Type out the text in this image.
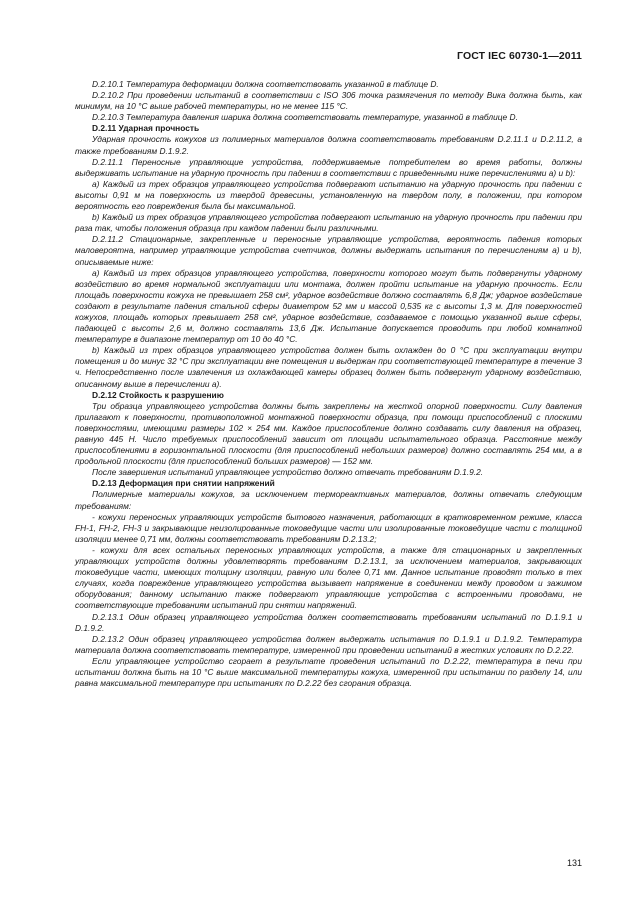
ГОСТ IEC 60730-1—2011

D.2.10.1 Температура деформации должна соответствовать указанной в таблице D.

D.2.10.2 При проведении испытаний в соответствии с ISO 306 точка размягчения по методу Вика должна быть, как минимум, на 10 °С выше рабочей температуры, но не менее 115 °С.

D.2.10.3 Температура давления шарика должна соответствовать температуре, указанной в таблице D.

D.2.11 Ударная прочность

Ударная прочность кожухов из полимерных материалов должна соответствовать требованиям D.2.11.1 и D.2.11.2, а также требованиям D.1.9.2.

D.2.11.1 Переносные управляющие устройства, поддерживаемые потребителем во время работы, должны выдерживать испытание на ударную прочность при падении в соответствии с приведенными ниже перечислениями а) и b):

а) Каждый из трех образцов управляющего устройства подвергают испытанию на ударную прочность при падении с высоты 0,91 м на поверхность из твердой древесины, установленную на твердом полу, в положении, при котором вероятность его повреждения была бы максимальной.

b) Каждый из трех образцов управляющего устройства подвергают испытанию на ударную прочность при падении при раза так, чтобы положения образца при каждом падении были различными.

D.2.11.2 Стационарные, закрепленные и переносные управляющие устройства, вероятность падения которых маловероятна, например управляющие устройства счетчиков, должны выдержать испытания по перечислениям а) и b), описываемые ниже:

а) Каждый из трех образцов управляющего устройства, поверхности которого могут быть подвергнуты ударному воздействию во время нормальной эксплуатации или монтажа, должен пройти испытание на ударную прочность. Если площадь поверхности кожуха не превышает 258 см², ударное воздействие должно составлять 6,8 Дж; ударное воздействие создают в результате падения стальной сферы диаметром 52 мм и массой 0,535 кг с высоты 1,3 м. Для поверхностей кожухов, площадь которых превышает 258 см², ударное воздействие, создаваемое с помощью указанной выше сферы, падающей с высоты 2,6 м, должно составлять 13,6 Дж. Испытание допускается проводить при любой комнатной температуре в диапазоне температур от 10 до 40 °С.

b) Каждый из трех образцов управляющего устройства должен быть охлажден до 0 °С при эксплуатации внутри помещения и до минус 32 °С при эксплуатации вне помещения и выдержан при соответствующей температуре в течение 3 ч. Непосредственно после извлечения из охлаждающей камеры образец должен быть подвергнут ударному воздействию, описанному выше в перечислении а).

D.2.12 Стойкость к разрушению

Три образца управляющего устройства должны быть закреплены на жесткой опорной поверхности. Силу давления прилагают к поверхности, противоположной монтажной поверхности образца, при помощи приспособлений с плоскими поверхностями, имеющими размеры 102 × 254 мм. Каждое приспособление должно создавать силу давления на образец, равную 445 Н. Число требуемых приспособлений зависит от площади испытательного образца. Расстояние между приспособлениями в горизонтальной плоскости (для приспособлений небольших размеров) должно составлять 254 мм, а в продольной плоскости (для приспособлений больших размеров) — 152 мм.

После завершения испытаний управляющее устройство должно отвечать требованиям D.1.9.2.

D.2.13 Деформация при снятии напряжений

Полимерные материалы кожухов, за исключением термореактивных материалов, должны отвечать следующим требованиям:

- кожухи переносных управляющих устройств бытового назначения, работающих в кратковременном режиме, класса FH-1, FH-2, FH-3 и закрывающие неизолированные токоведущие части или изолированные токоведущие части с толщиной изоляции менее 0,71 мм, должны соответствовать требованиям D.2.13.2;

- кожухи для всех остальных переносных управляющих устройств, а также для стационарных и закрепленных управляющих устройств должны удовлетворять требованиям D.2.13.1, за исключением материалов, закрывающих токоведущие части, имеющих толщину изоляции, равную или более 0,71 мм. Данное испытание проводят только в тех случаях, когда повреждение управляющего устройства вызывает напряжение в соединении между проводом и зажимом оборудования; данному испытанию также подвергают управляющие устройства с встроенными проводами, не соответствующие требованиям испытаний при снятии напряжений.

D.2.13.1 Один образец управляющего устройства должен соответствовать требованиям испытаний по D.1.9.1 и D.1.9.2.

D.2.13.2 Один образец управляющего устройства должен выдержать испытания по D.1.9.1 и D.1.9.2. Температура материала должна соответствовать температуре, измеренной при проведении испытаний в жестких условиях по D.2.22.

Если управляющее устройство сгорает в результате проведения испытаний по D.2.22, температура в печи при испытании должна быть на 10 °С выше максимальной температуры кожуха, измеренной при испытании по разделу 14, или равна максимальной температуре при испытаниях по D.2.22 без сгорания образца.

131
